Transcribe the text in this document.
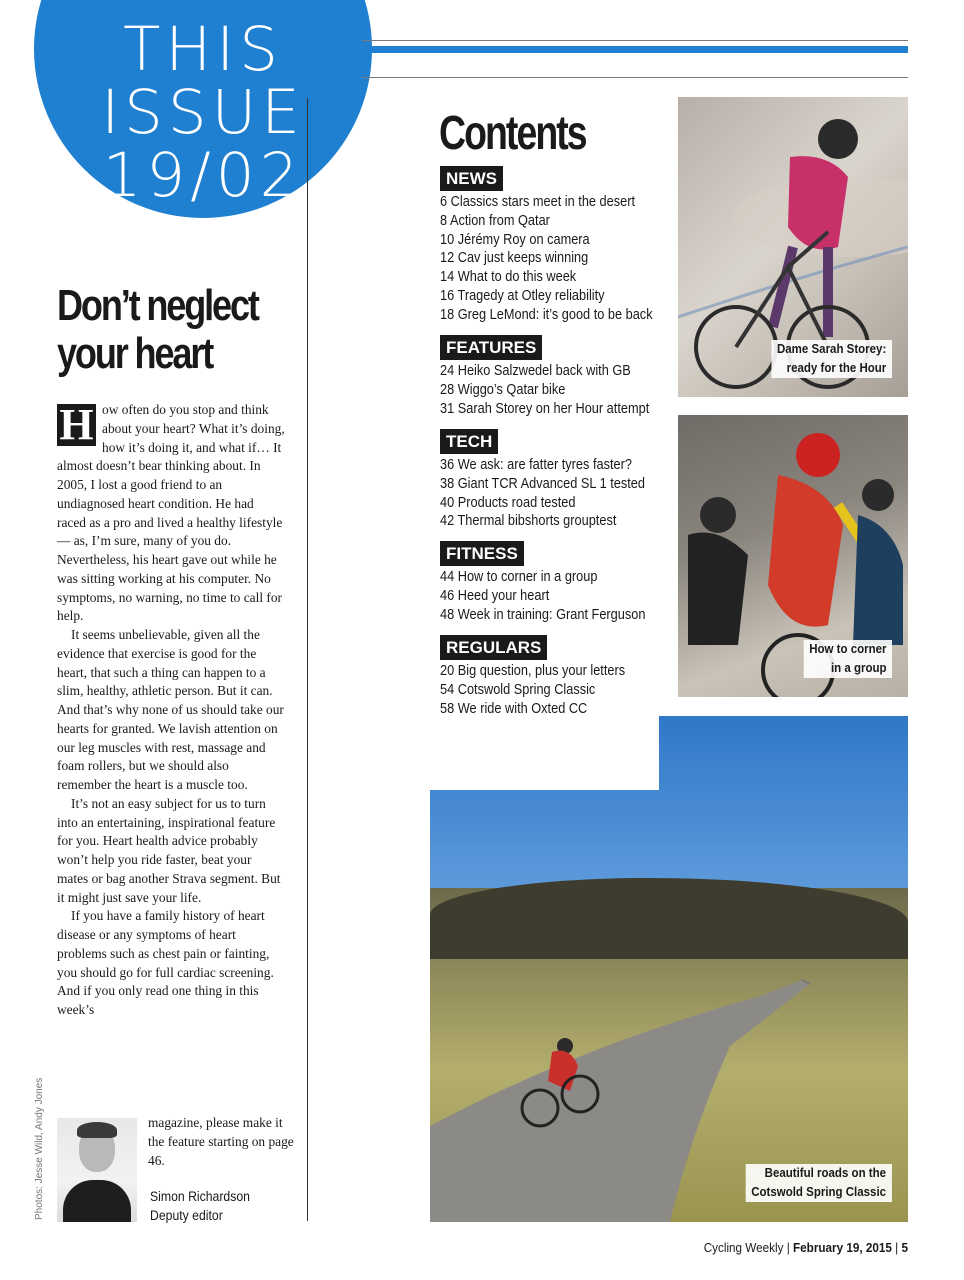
THIS
ISSUE
19/02
Don’t neglect
your heart

H ow often do you stop and think about your heart? What it’s doing, how it’s doing it, and what if… It almost doesn’t bear thinking about. In 2005, I lost a good friend to an undiagnosed heart condition. He had raced as a pro and lived a healthy lifestyle — as, I’m sure, many of you do. Nevertheless, his heart gave out while he was sitting working at his computer. No symptoms, no warning, no time to call for help.

It seems unbelievable, given all the evidence that exercise is good for the heart, that such a thing can happen to a slim, healthy, athletic person. But it can. And that’s why none of us should take our hearts for granted. We lavish attention on our leg muscles with rest, massage and foam rollers, but we should also remember the heart is a muscle too.

It’s not an easy subject for us to turn into an entertaining, inspirational feature for you. Heart health advice probably won’t help you ride faster, beat your mates or bag another Strava segment. But it might just save your life.

If you have a family history of heart disease or any symptoms of heart problems such as chest pain or fainting, you should go for full cardiac screening. And if you only read one thing in this week’s

magazine, please make it the feature starting on page 46.
Simon Richardson
Deputy editor
Photos: Jesse Wild, Andy Jones
Contents
NEWS
6 Classics stars meet in the desert
8 Action from Qatar
10 Jérémy Roy on camera
12 Cav just keeps winning
14 What to do this week
16 Tragedy at Otley reliability
18 Greg LeMond: it’s good to be back
FEATURES
24 Heiko Salzwedel back with GB
28 Wiggo’s Qatar bike
31 Sarah Storey on her Hour attempt
TECH
36 We ask: are fatter tyres faster?
38 Giant TCR Advanced SL 1 tested
40 Products road tested
42 Thermal bibshorts grouptest
FITNESS
44 How to corner in a group
46 Heed your heart
48 Week in training: Grant Ferguson
REGULARS
20 Big question, plus your letters
54 Cotswold Spring Classic
58 We ride with Oxted CC
Dame Sarah Storey:
ready for the Hour
How to corner
in a group
Beautiful roads on the
Cotswold Spring Classic
Cycling Weekly | February 19, 2015 | 5
